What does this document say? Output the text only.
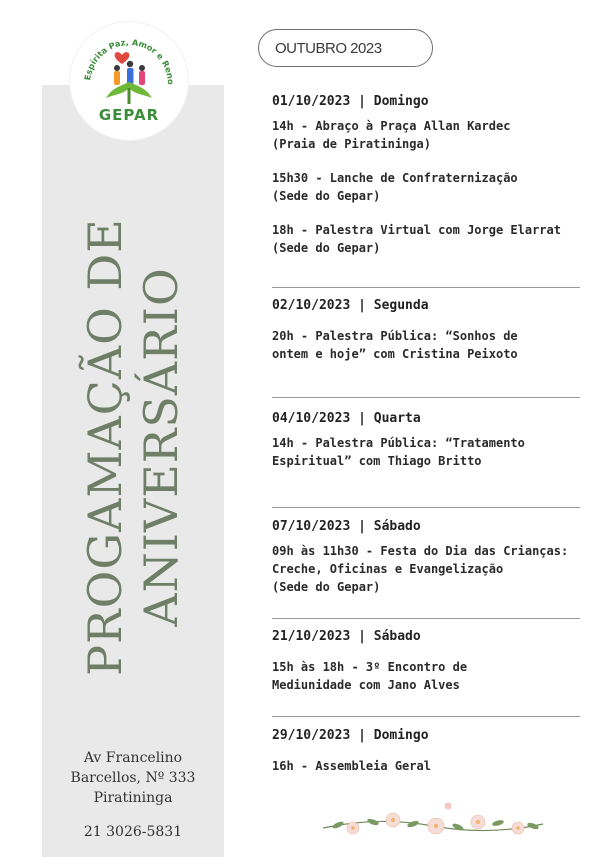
Espírita Paz, Amor e Reno
GEPAR
PROGAMAÇÃO DE ANIVERSÁRIO
Av Francelino
Barcellos, Nº 333
Piratininga
21 3026-5831
OUTUBRO 2023
01/10/2023 | Domingo
14h - Abraço à Praça Allan Kardec
(Praia de Piratininga)
15h30 - Lanche de Confraternização
(Sede do Gepar)
18h - Palestra Virtual com Jorge Elarrat
(Sede do Gepar)
02/10/2023 | Segunda
20h - Palestra Pública: “Sonhos de
ontem e hoje” com Cristina Peixoto
04/10/2023 | Quarta
14h - Palestra Pública: “Tratamento
Espiritual” com Thiago Britto
07/10/2023 | Sábado
09h às 11h30 - Festa do Dia das Crianças:
Creche, Oficinas e Evangelização
(Sede do Gepar)
21/10/2023 | Sábado
15h às 18h - 3º Encontro de
Mediunidade com Jano Alves
29/10/2023 | Domingo
16h - Assembleia Geral
